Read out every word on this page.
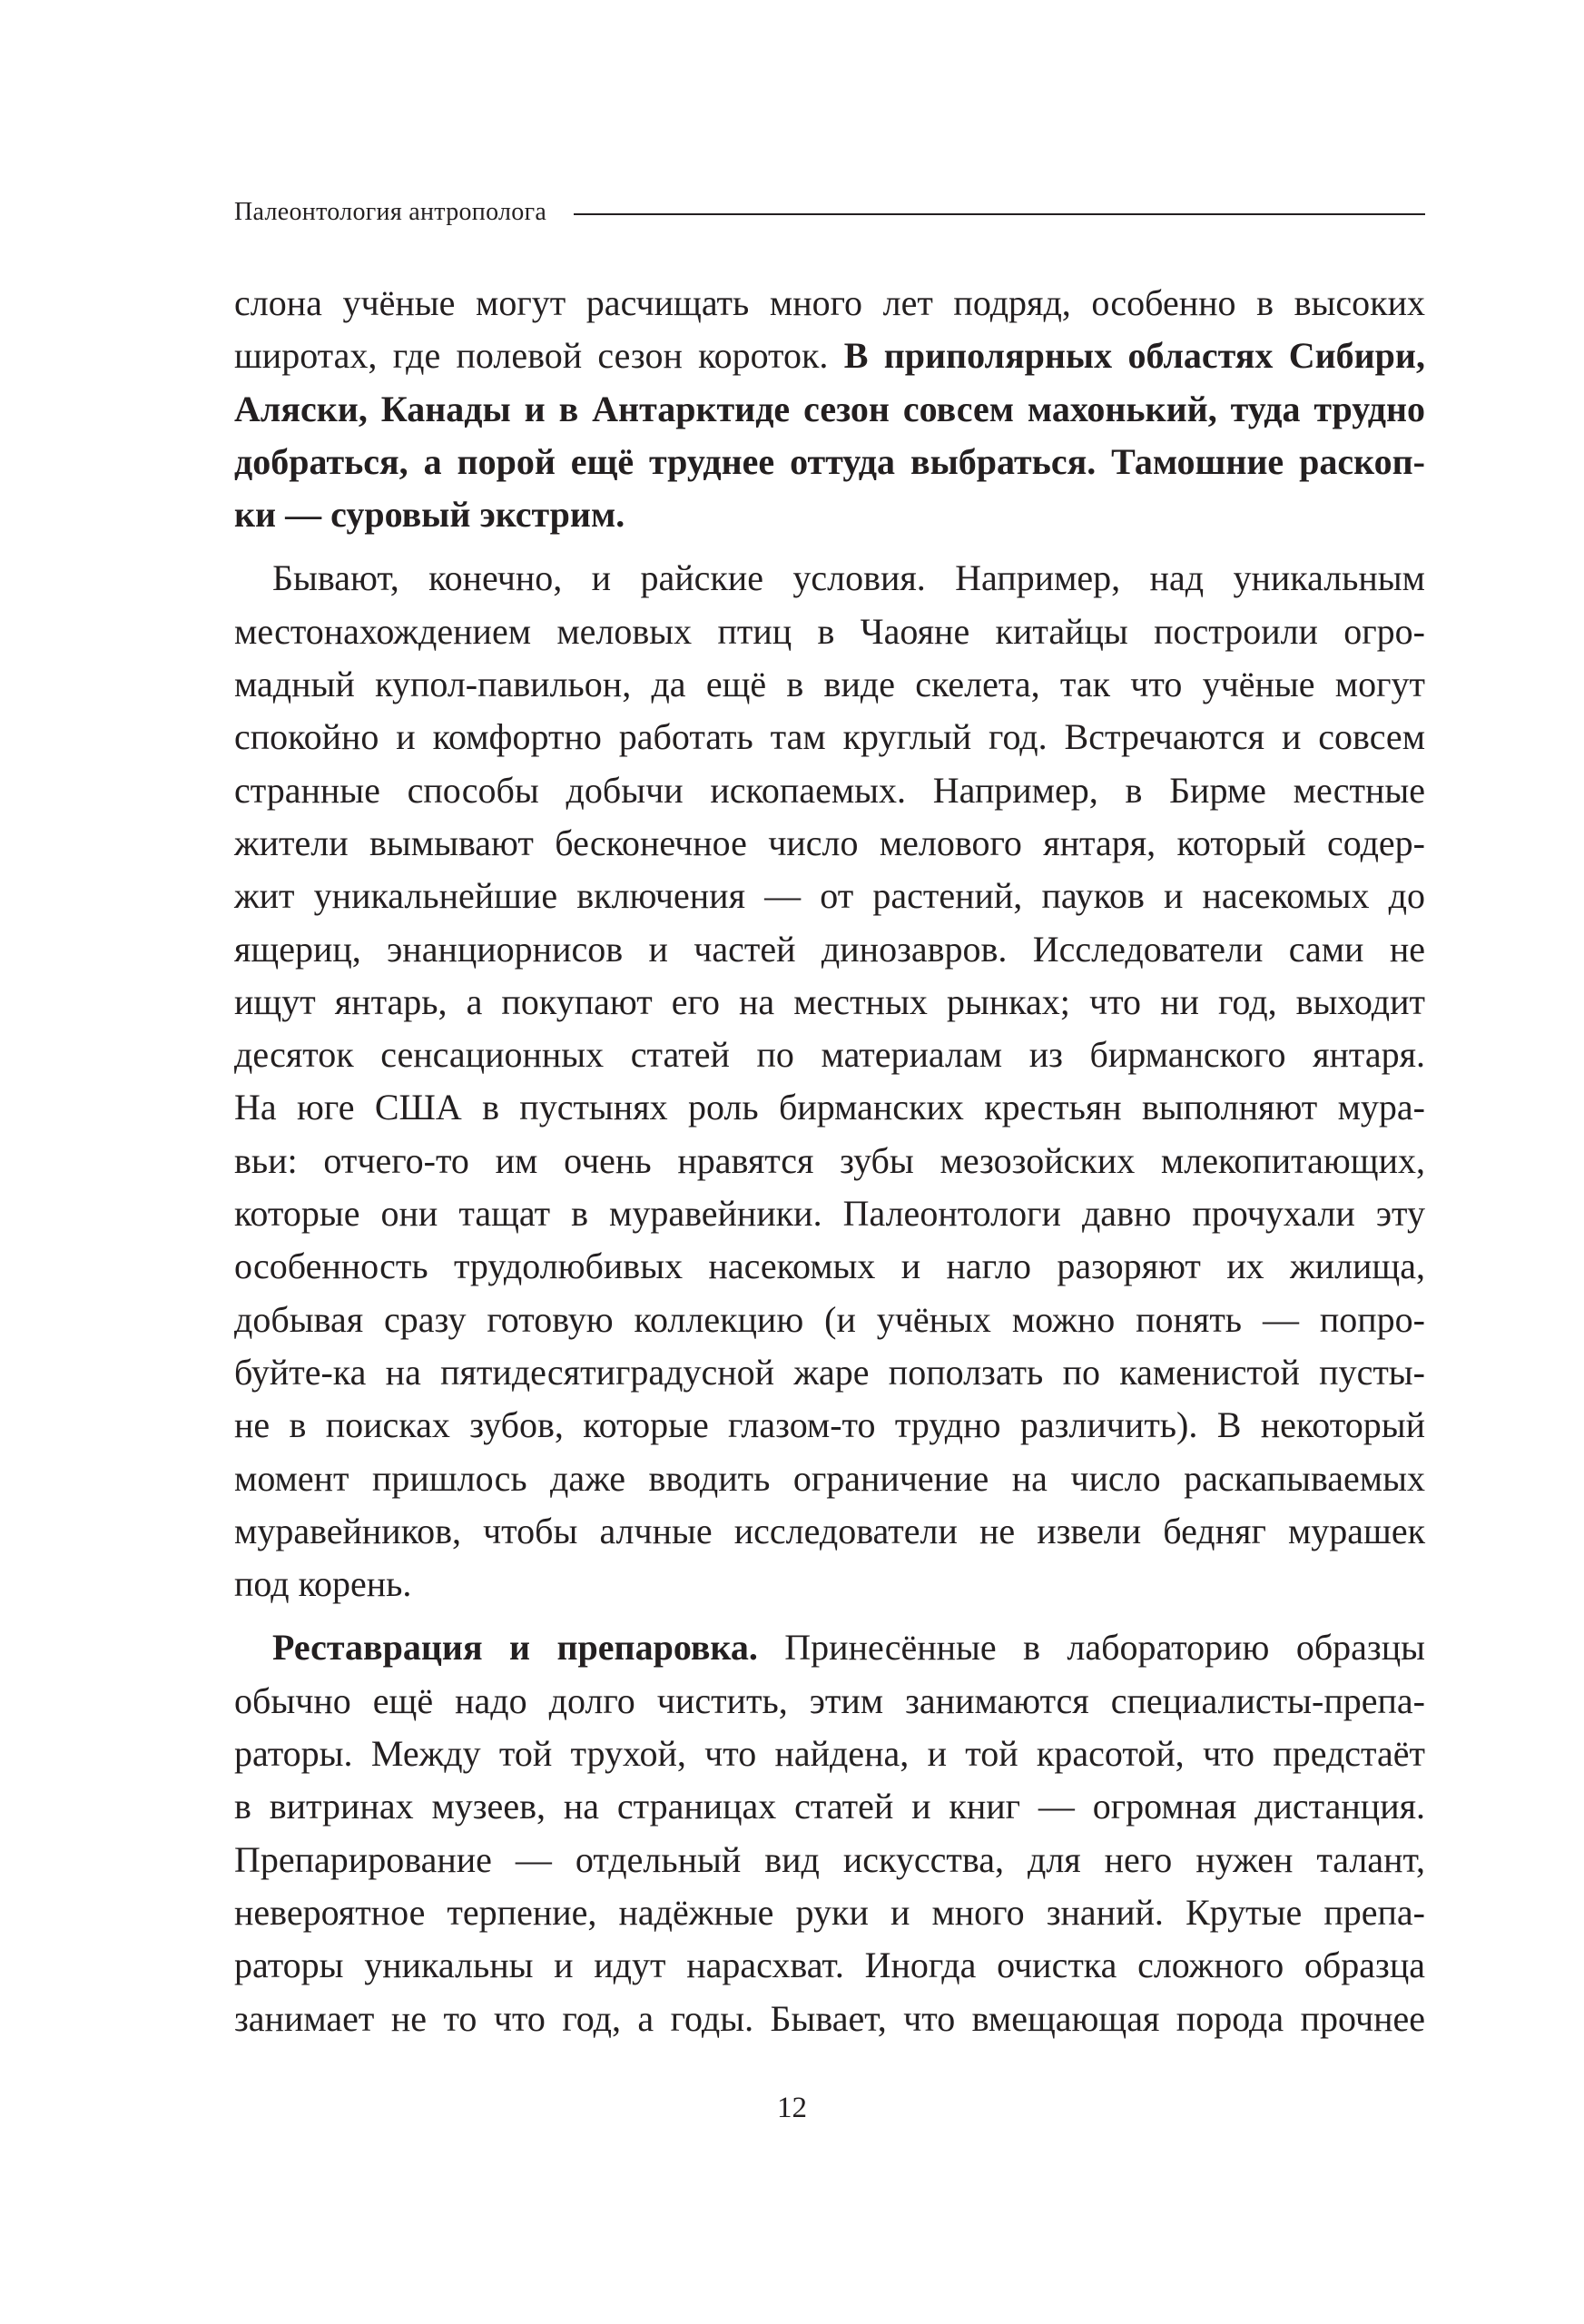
Палеонтология антрополога
слона учёные могут расчищать много лет подряд, особенно в высоких
широтах, где полевой сезон короток. В приполярных областях Сибири,
Аляски, Канады и в Антарктиде сезон совсем махонький, туда трудно
добраться, а порой ещё труднее оттуда выбраться. Тамошние раскоп-
ки — суровый экстрим.
Бывают, конечно, и райские условия. Например, над уникальным
местонахождением меловых птиц в Чаояне китайцы построили огро-
мадный купол-павильон, да ещё в виде скелета, так что учёные могут
спокойно и комфортно работать там круглый год. Встречаются и совсем
странные способы добычи ископаемых. Например, в Бирме местные
жители вымывают бесконечное число мелового янтаря, который содер-
жит уникальнейшие включения — от растений, пауков и насекомых до
ящериц, энанциорнисов и частей динозавров. Исследователи сами не
ищут янтарь, а покупают его на местных рынках; что ни год, выходит
десяток сенсационных статей по материалам из бирманского янтаря.
На юге США в пустынях роль бирманских крестьян выполняют мура-
вьи: отчего-то им очень нравятся зубы мезозойских млекопитающих,
которые они тащат в муравейники. Палеонтологи давно прочухали эту
особенность трудолюбивых насекомых и нагло разоряют их жилища,
добывая сразу готовую коллекцию (и учёных можно понять — попро-
буйте-ка на пятидесятиградусной жаре поползать по каменистой пусты-
не в поисках зубов, которые глазом-то трудно различить). В некоторый
момент пришлось даже вводить ограничение на число раскапываемых
муравейников, чтобы алчные исследователи не извели бедняг мурашек
под корень.
Реставрация и препаровка. Принесённые в лабораторию образцы
обычно ещё надо долго чистить, этим занимаются специалисты-препа-
раторы. Между той трухой, что найдена, и той красотой, что предстаёт
в витринах музеев, на страницах статей и книг — огромная дистанция.
Препарирование — отдельный вид искусства, для него нужен талант,
невероятное терпение, надёжные руки и много знаний. Крутые препа-
раторы уникальны и идут нарасхват. Иногда очистка сложного образца
занимает не то что год, а годы. Бывает, что вмещающая порода прочнее
12
